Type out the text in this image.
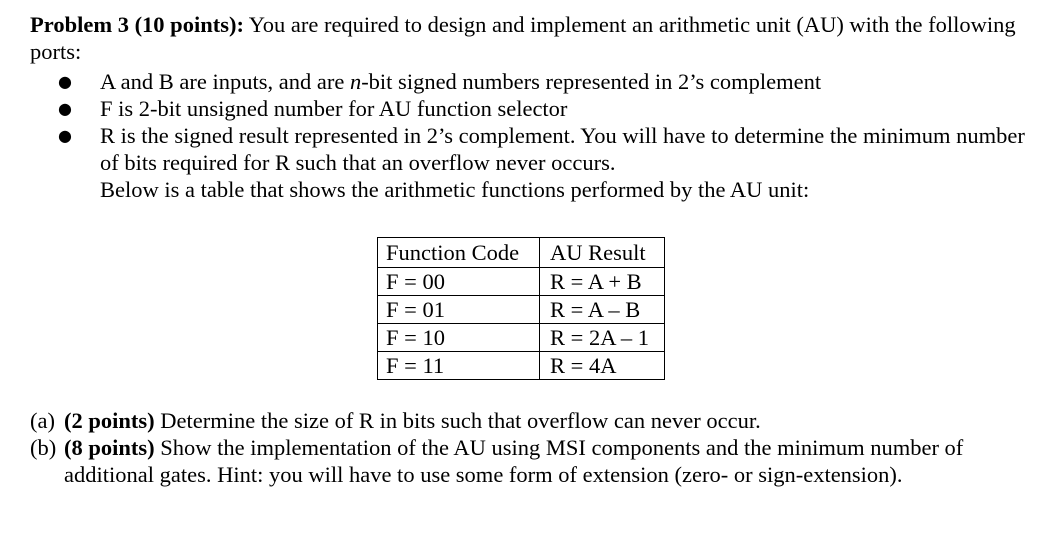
Problem 3 (10 points): You are required to design and implement an arithmetic unit (AU) with the following ports:
● A and B are inputs, and are n-bit signed numbers represented in 2’s complement
● F is 2-bit unsigned number for AU function selector
● R is the signed result represented in 2’s complement. You will have to determine the minimum number of bits required for R such that an overflow never occurs.
Below is a table that shows the arithmetic functions performed by the AU unit:
Function Code	AU Result
F = 00	R = A + B
F = 01	R = A – B
F = 10	R = 2A – 1
F = 11	R = 4A
(a) (2 points) Determine the size of R in bits such that overflow can never occur.
(b) (8 points) Show the implementation of the AU using MSI components and the minimum number of additional gates. Hint: you will have to use some form of extension (zero- or sign-extension).
